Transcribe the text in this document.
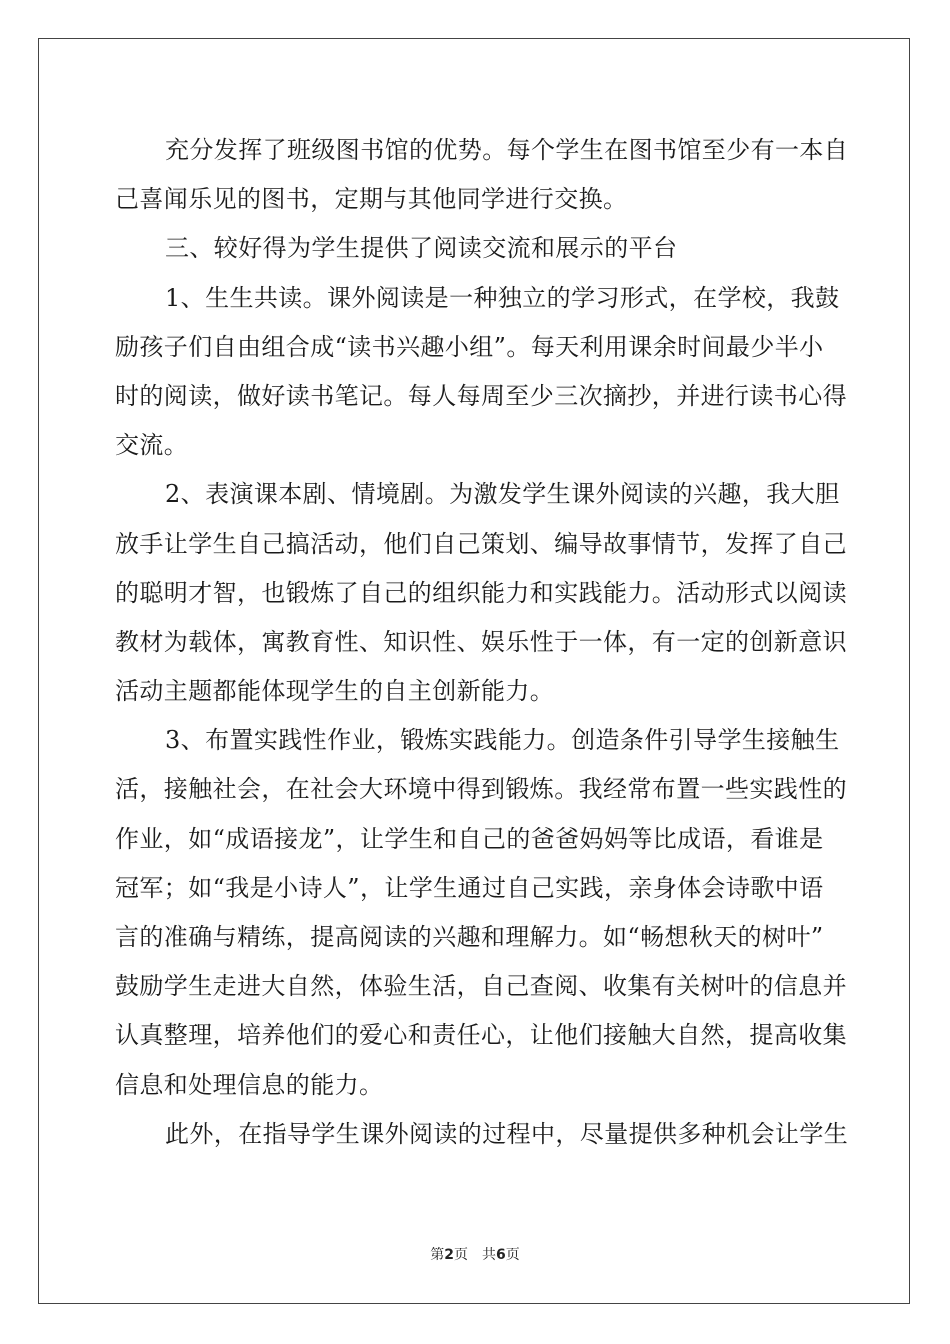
充分发挥了班级图书馆的优势。每个学生在图书馆至少有一本自
己喜闻乐见的图书，定期与其他同学进行交换。
三、较好得为学生提供了阅读交流和展示的平台
1、生生共读。课外阅读是一种独立的学习形式，在学校，我鼓
励孩子们自由组合成“读书兴趣小组”。每天利用课余时间最少半小
时的阅读，做好读书笔记。每人每周至少三次摘抄，并进行读书心得
交流。
2、表演课本剧、情境剧。为激发学生课外阅读的兴趣，我大胆
放手让学生自己搞活动，他们自己策划、编导故事情节，发挥了自己
的聪明才智，也锻炼了自己的组织能力和实践能力。活动形式以阅读
教材为载体，寓教育性、知识性、娱乐性于一体，有一定的创新意识
活动主题都能体现学生的自主创新能力。
3、布置实践性作业，锻炼实践能力。创造条件引导学生接触生
活，接触社会，在社会大环境中得到锻炼。我经常布置一些实践性的
作业，如“成语接龙”，让学生和自己的爸爸妈妈等比成语，看谁是
冠军；如“我是小诗人”，让学生通过自己实践，亲身体会诗歌中语
言的准确与精练，提高阅读的兴趣和理解力。如“畅想秋天的树叶”
鼓励学生走进大自然，体验生活，自己查阅、收集有关树叶的信息并
认真整理，培养他们的爱心和责任心，让他们接触大自然，提高收集
信息和处理信息的能力。
此外，在指导学生课外阅读的过程中，尽量提供多种机会让学生
第2页 共6页
